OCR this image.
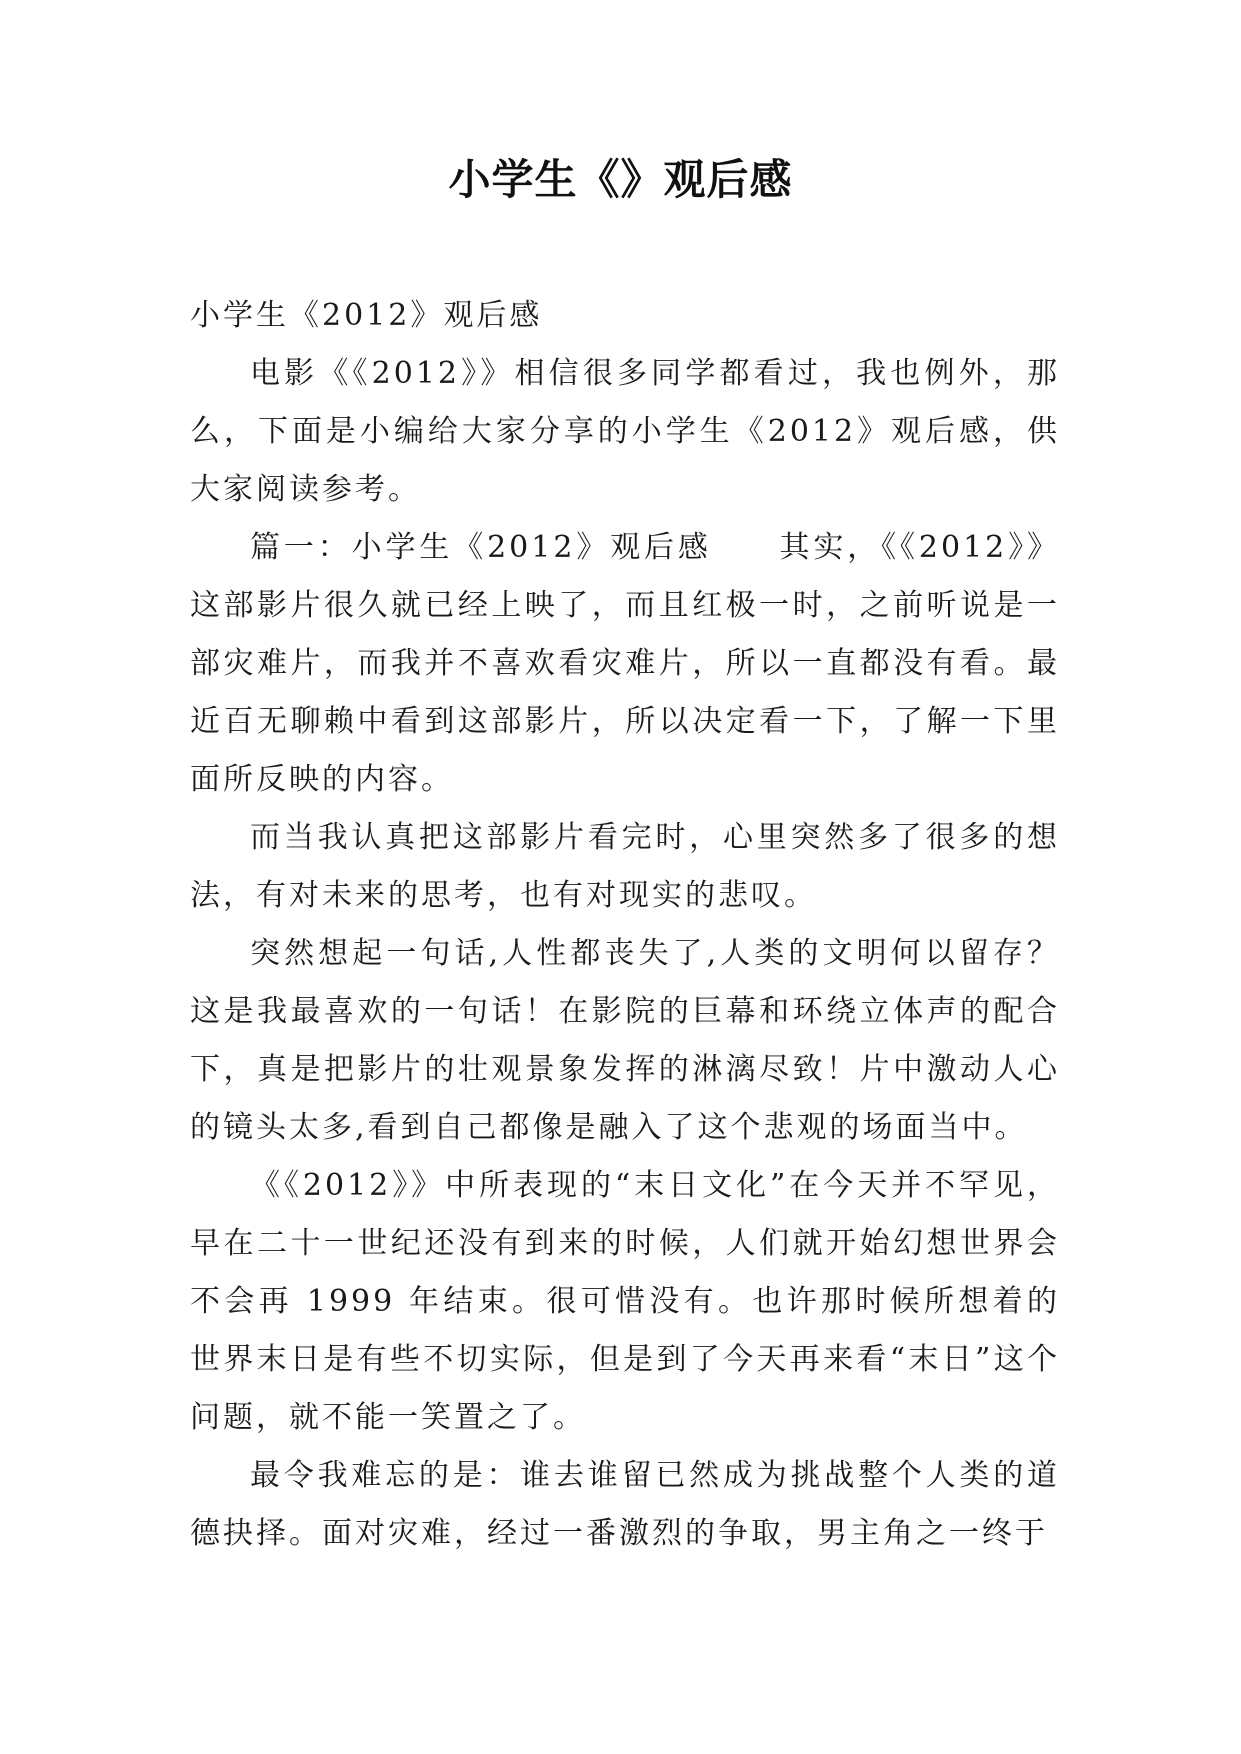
小学生《》观后感

小学生《2012》观后感

电影《《2012》》相信很多同学都看过，我也例外，那么，下面是小编给大家分享的小学生《2012》观后感，供大家阅读参考。

篇一：小学生《2012》观后感　　其实，《《2012》》这部影片很久就已经上映了，而且红极一时，之前听说是一部灾难片，而我并不喜欢看灾难片，所以一直都没有看。最近百无聊赖中看到这部影片，所以决定看一下，了解一下里面所反映的内容。

而当我认真把这部影片看完时，心里突然多了很多的想法，有对未来的思考，也有对现实的悲叹。

突然想起一句话,人性都丧失了,人类的文明何以留存？这是我最喜欢的一句话！在影院的巨幕和环绕立体声的配合下，真是把影片的壮观景象发挥的淋漓尽致！片中激动人心的镜头太多,看到自己都像是融入了这个悲观的场面当中。

《《2012》》中所表现的“末日文化”在今天并不罕见，早在二十一世纪还没有到来的时候，人们就开始幻想世界会不会再 1999 年结束。很可惜没有。也许那时候所想着的世界末日是有些不切实际，但是到了今天再来看“末日”这个问题，就不能一笑置之了。

最令我难忘的是：谁去谁留已然成为挑战整个人类的道德抉择。面对灾难，经过一番激烈的争取，男主角之一终于
